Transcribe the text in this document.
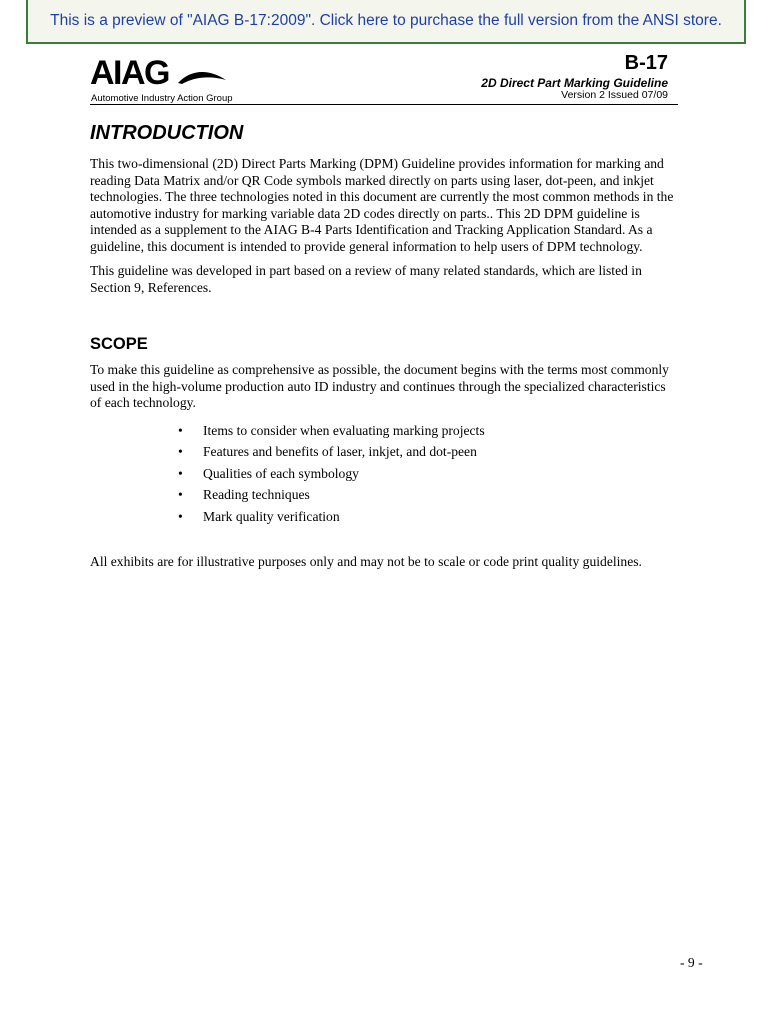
This is a preview of "AIAG B-17:2009". Click here to purchase the full version from the ANSI store.
AIAG
Automotive Industry Action Group
B-17
2D Direct Part Marking Guideline
Version 2 Issued 07/09
INTRODUCTION

This two-dimensional (2D) Direct Parts Marking (DPM) Guideline provides information for marking and reading Data Matrix and/or QR Code symbols marked directly on parts using laser, dot-peen, and inkjet technologies. The three technologies noted in this document are currently the most common methods in the automotive industry for marking variable data 2D codes directly on parts.. This 2D DPM guideline is intended as a supplement to the AIAG B-4 Parts Identification and Tracking Application Standard. As a guideline, this document is intended to provide general information to help users of DPM technology.

This guideline was developed in part based on a review of many related standards, which are listed in Section 9, References.

SCOPE

To make this guideline as comprehensive as possible, the document begins with the terms most commonly used in the high-volume production auto ID industry and continues through the specialized characteristics of each technology.

• Items to consider when evaluating marking projects
• Features and benefits of laser, inkjet, and dot-peen
• Qualities of each symbology
• Reading techniques
• Mark quality verification

All exhibits are for illustrative purposes only and may not be to scale or code print quality guidelines.

- 9 -
